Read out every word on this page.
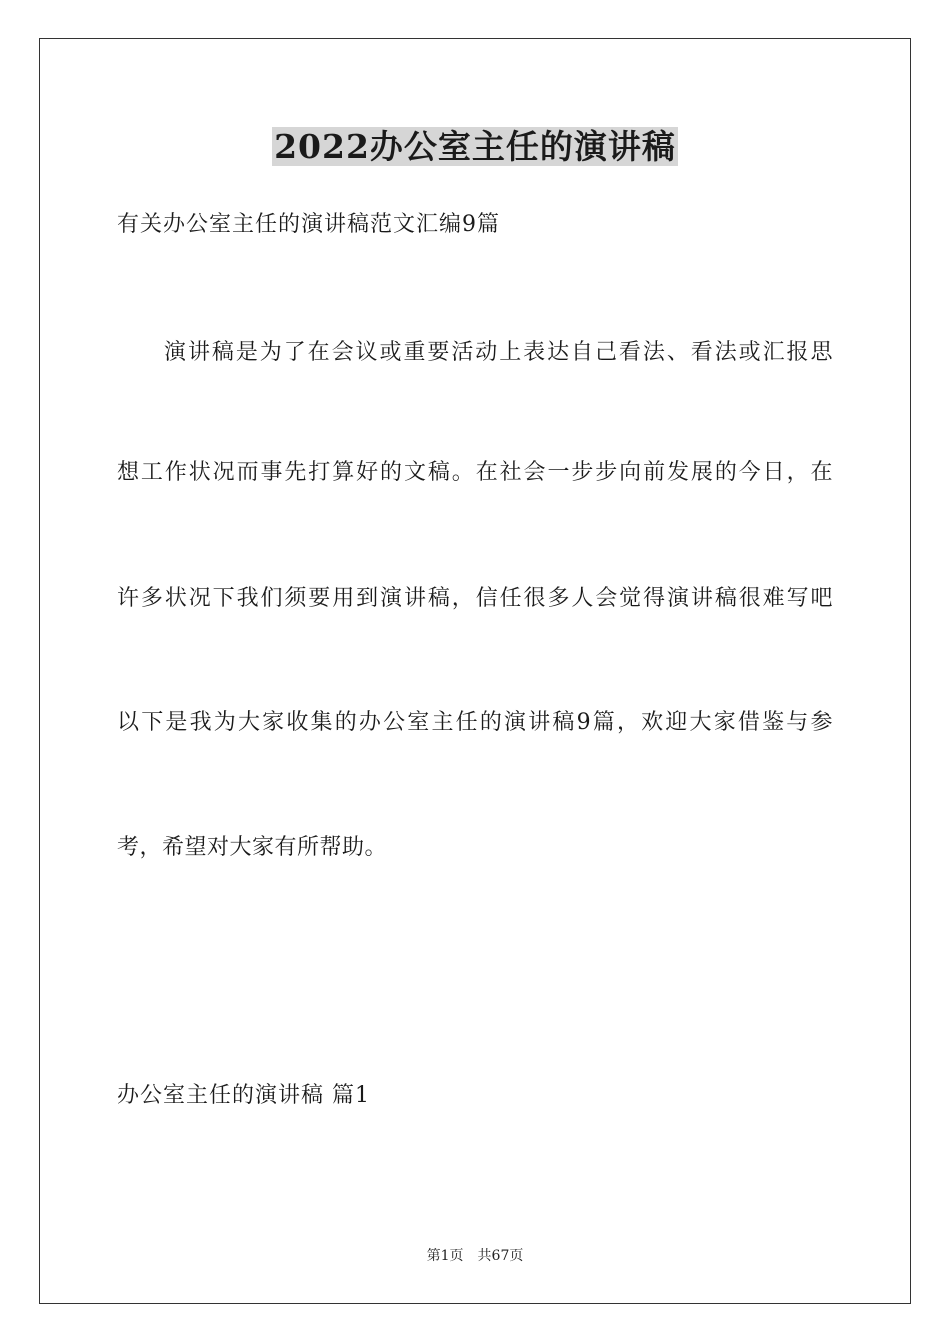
2022办公室主任的演讲稿

有关办公室主任的演讲稿范文汇编9篇

演讲稿是为了在会议或重要活动上表达自己看法、看法或汇报思

想工作状况而事先打算好的文稿。在社会一步步向前发展的今日，在

许多状况下我们须要用到演讲稿，信任很多人会觉得演讲稿很难写吧

以下是我为大家收集的办公室主任的演讲稿9篇，欢迎大家借鉴与参

考，希望对大家有所帮助。

办公室主任的演讲稿 篇1

第1页 共67页
